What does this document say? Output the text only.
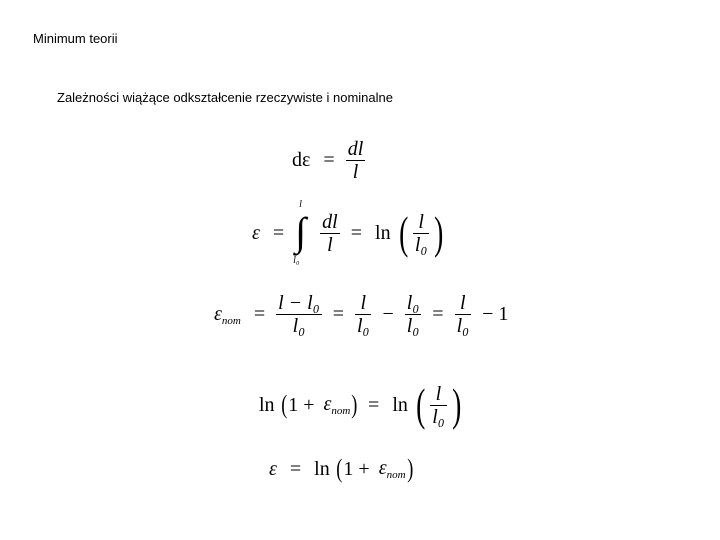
Minimum teorii
Zależności wiążące odkształcenie rzeczywiste i nominalne
$d\varepsilon = \frac{dl}{l}$
ε = ∫
l
l₀

$\frac{dl}{l} = \ln$ ( $\frac{l}{\text{l₀}}$ )
$\varepsilon_{nom} = \frac{\text{l − l₀}}{\text{l₀}} = \frac{l}{\text{l₀}} - \frac{\text{l₀}}{\text{l₀}} = \frac{l}{\text{l₀}} - 1$
$\ln (1 + \varepsilon_{nom}) = \ln$ ( $\frac{l}{\text{l₀}}$ )
$\varepsilon = \ln (1 + \varepsilon_{nom})$
